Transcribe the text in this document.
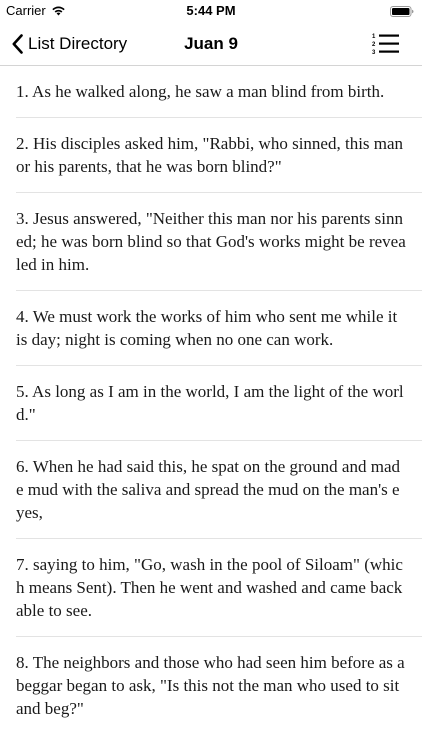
Carrier	5:44 PM
List Directory	Juan 9	1
2
3
1. As he walked along, he saw a man blind from birth.
2. His disciples asked him, "Rabbi, who sinned, this man or his parents, that he was born blind?"
3. Jesus answered, "Neither this man nor his parents sinned; he was born blind so that God's works might be revealed in him.
4. We must work the works of him who sent me while it is day; night is coming when no one can work.
5. As long as I am in the world, I am the light of the world."
6. When he had said this, he spat on the ground and made mud with the saliva and spread the mud on the man's eyes,
7. saying to him, "Go, wash in the pool of Siloam" (which means Sent). Then he went and washed and came back able to see.
8. The neighbors and those who had seen him before as a beggar began to ask, "Is this not the man who used to sit and beg?"
